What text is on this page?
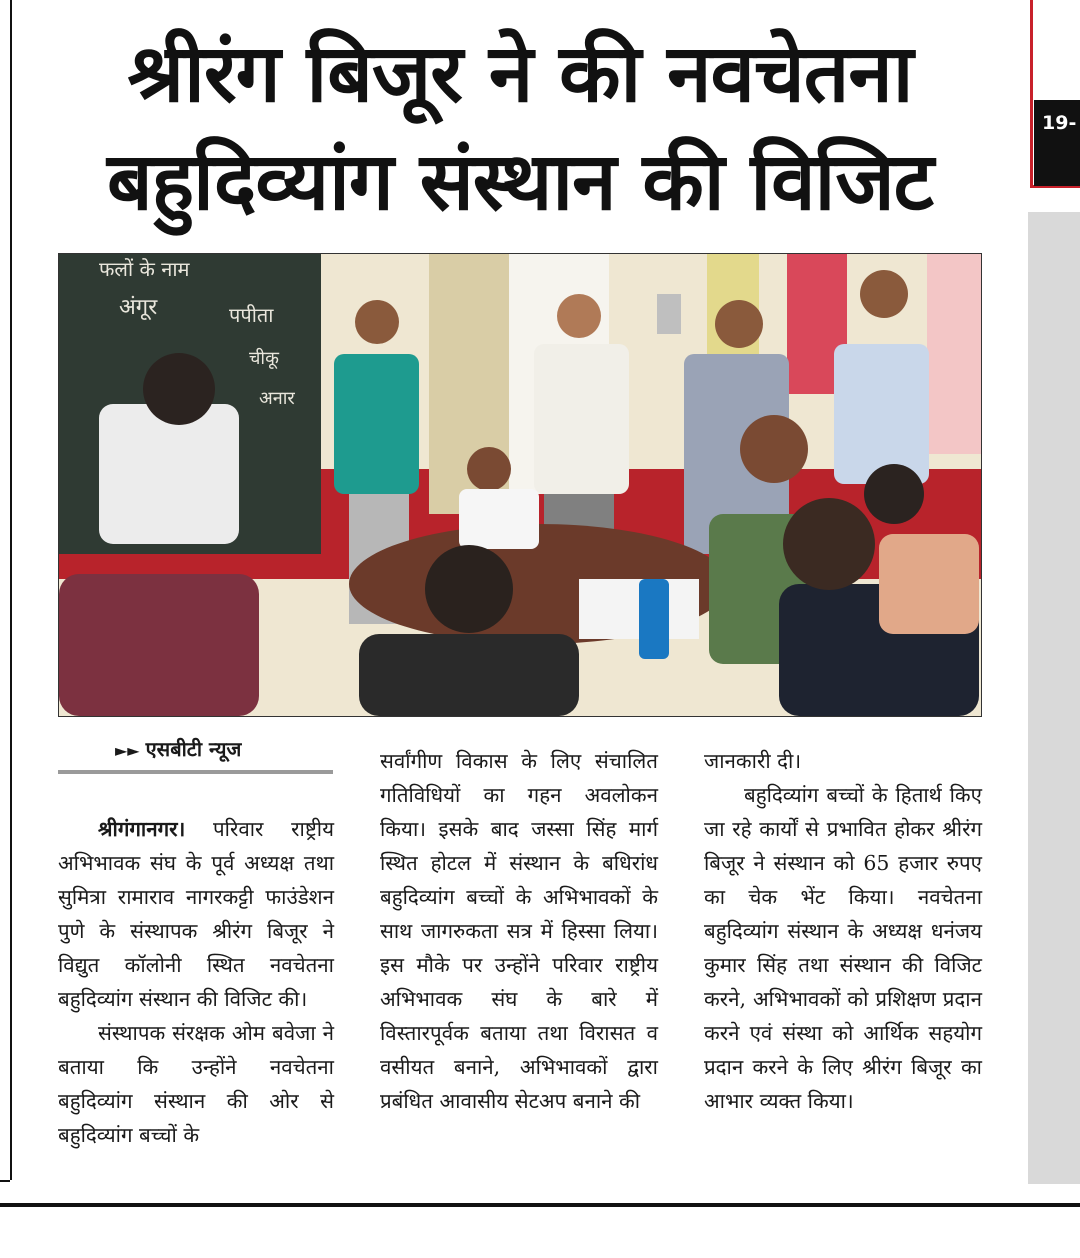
19-
श्रीरंग बिजूर ने की नवचेतना
बहुदिव्यांग संस्थान की विजिट
फलों के नाम
अंगूर	पपीता
चीकू
अनार
►► एसबीटी न्यूज

श्रीगंगानगर। परिवार राष्ट्रीय अभिभावक संघ के पूर्व अध्यक्ष तथा सुमित्रा रामाराव नागरकट्टी फाउंडेशन पुणे के संस्थापक श्रीरंग बिजूर ने विद्युत कॉलोनी स्थित नवचेतना बहुदिव्यांग संस्थान की विजिट की।

संस्थापक संरक्षक ओम बवेजा ने बताया कि उन्होंने नवचेतना बहुदिव्यांग संस्थान की ओर से बहुदिव्यांग बच्चों के

सर्वांगीण विकास के लिए संचालित गतिविधियों का गहन अवलोकन किया। इसके बाद जस्सा सिंह मार्ग स्थित होटल में संस्थान के बधिरांध बहुदिव्यांग बच्चों के अभिभावकों के साथ जागरुकता सत्र में हिस्सा लिया। इस मौके पर उन्होंने परिवार राष्ट्रीय अभिभावक संघ के बारे में विस्तारपूर्वक बताया तथा विरासत व वसीयत बनाने, अभिभावकों द्वारा प्रबंधित आवासीय सेटअप बनाने की

जानकारी दी।

बहुदिव्यांग बच्चों के हितार्थ किए जा रहे कार्यों से प्रभावित होकर श्रीरंग बिजूर ने संस्थान को 65 हजार रुपए का चेक भेंट किया। नवचेतना बहुदिव्यांग संस्थान के अध्यक्ष धनंजय कुमार सिंह तथा संस्थान की विजिट करने, अभिभावकों को प्रशिक्षण प्रदान करने एवं संस्था को आर्थिक सहयोग प्रदान करने के लिए श्रीरंग बिजूर का आभार व्यक्त किया।
